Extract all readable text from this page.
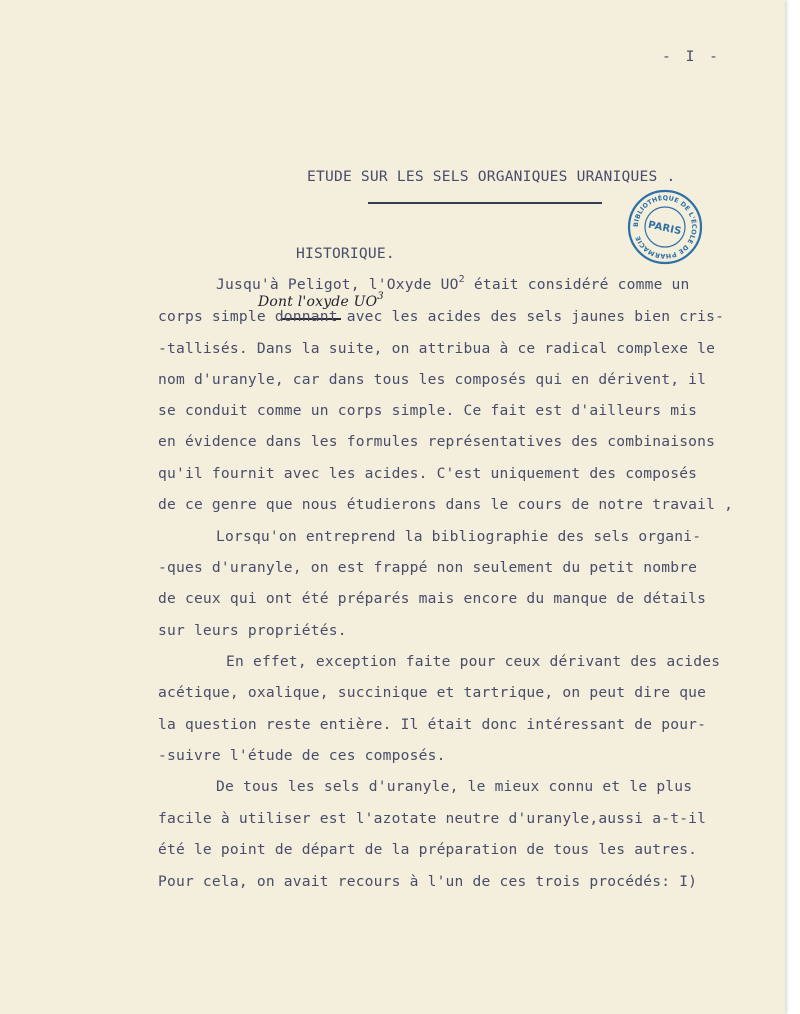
- I -
ETUDE SUR LES SELS ORGANIQUES URANIQUES .
BIBLIOTHÈQUE DE L'ÉCOLE DE PHARMACIE
PARIS
HISTORIQUE.
Dont l'oxyde $UO^3$
Jusqu'à Peligot, l'Oxyde $UO^2$ était considéré comme un
corps simple donnant avec les acides des sels jaunes bien cris-
-tallisés. Dans la suite, on attribua à ce radical complexe le
nom d'uranyle, car dans tous les composés qui en dérivent, il
se conduit comme un corps simple. Ce fait est d'ailleurs mis
en évidence dans les formules représentatives des combinaisons
qu'il fournit avec les acides. C'est uniquement des composés
de ce genre que nous étudierons dans le cours de notre travail ,
Lorsqu'on entreprend la bibliographie des sels organi-
-ques d'uranyle, on est frappé non seulement du petit nombre
de ceux qui ont été préparés mais encore du manque de détails
sur leurs propriétés.
En effet, exception faite pour ceux dérivant des acides
acétique, oxalique, succinique et tartrique, on peut dire que
la question reste entière. Il était donc intéressant de pour-
-suivre l'étude de ces composés.
De tous les sels d'uranyle, le mieux connu et le plus
facile à utiliser est l'azotate neutre d'uranyle,aussi a-t-il
été le point de départ de la préparation de tous les autres.
Pour cela, on avait recours à l'un de ces trois procédés: I)
